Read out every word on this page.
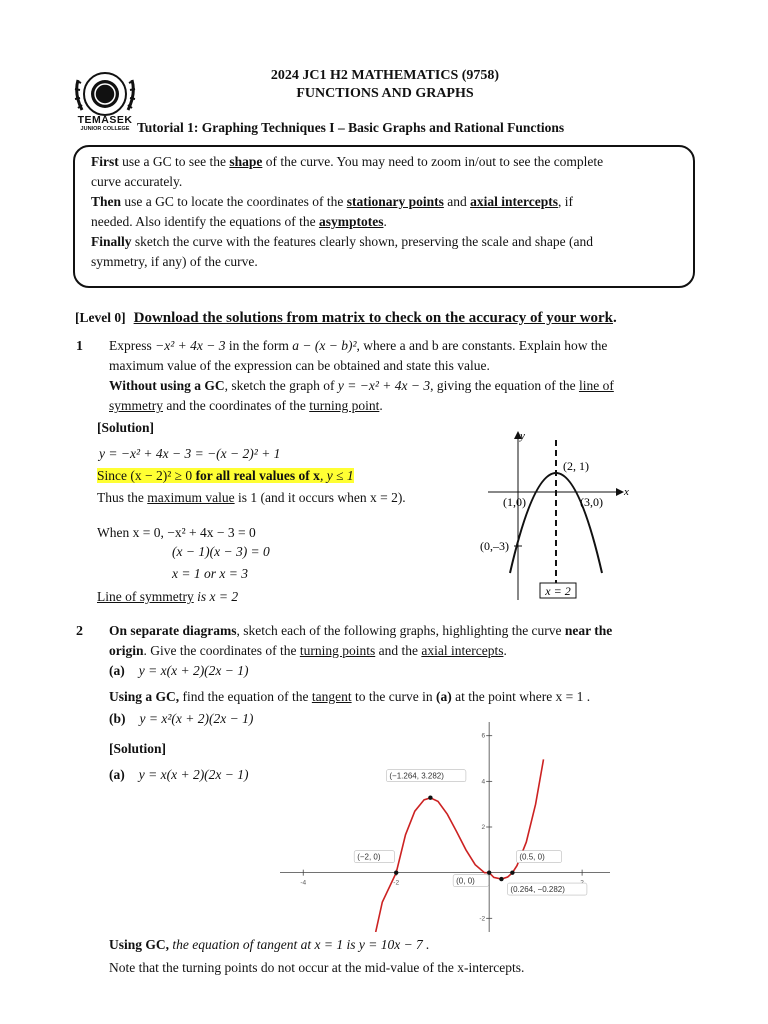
TEMASEK
JUNIOR COLLEGE
2024 JC1 H2 MATHEMATICS (9758)
FUNCTIONS AND GRAPHS
Tutorial 1: Graphing Techniques I – Basic Graphs and Rational Functions
First use a GC to see the shape of the curve. You may need to zoom in/out to see the complete
curve accurately.
Then use a GC to locate the coordinates of the stationary points and axial intercepts, if
needed. Also identify the equations of the asymptotes.
Finally sketch the curve with the features clearly shown, preserving the scale and shape (and
symmetry, if any) of the curve.
[Level 0] Download the solutions from matrix to check on the accuracy of your work.
1 Express −x² + 4x − 3 in the form a − (x − b)², where a and b are constants. Explain how the
maximum value of the expression can be obtained and state this value.
Without using a GC, sketch the graph of y = −x² + 4x − 3, giving the equation of the line of
symmetry and the coordinates of the turning point.
[Solution]
y = −x² + 4x − 3 = −(x − 2)² + 1
Since (x − 2)² ≥ 0 for all real values of x, y ≤ 1
Thus the maximum value is 1 (and it occurs when x = 2).
When x = 0, −x² + 4x − 3 = 0
(x − 1)(x − 3) = 0
x = 1 or x = 3
Line of symmetry is x = 2
y
x
(2, 1)
(1,0)	(3,0)
(0,–3)
x = 2
2 On separate diagrams, sketch each of the following graphs, highlighting the curve near the
origin. Give the coordinates of the turning points and the axial intercepts.
(a) y = x(x + 2)(2x − 1)
Using a GC, find the equation of the tangent to the curve in (a) at the point where x = 1 .
(b) y = x²(x + 2)(2x − 1)
[Solution]
(a) y = x(x + 2)(2x − 1)
-4	-2
6
4
2
-2
(−2, 0)
(−1.264, 3.282)
(0, 0)
(0.264, −0.282)
(0.5, 0)
Using GC, the equation of tangent at x = 1 is y = 10x − 7 .
Note that the turning points do not occur at the mid-value of the x-intercepts.
